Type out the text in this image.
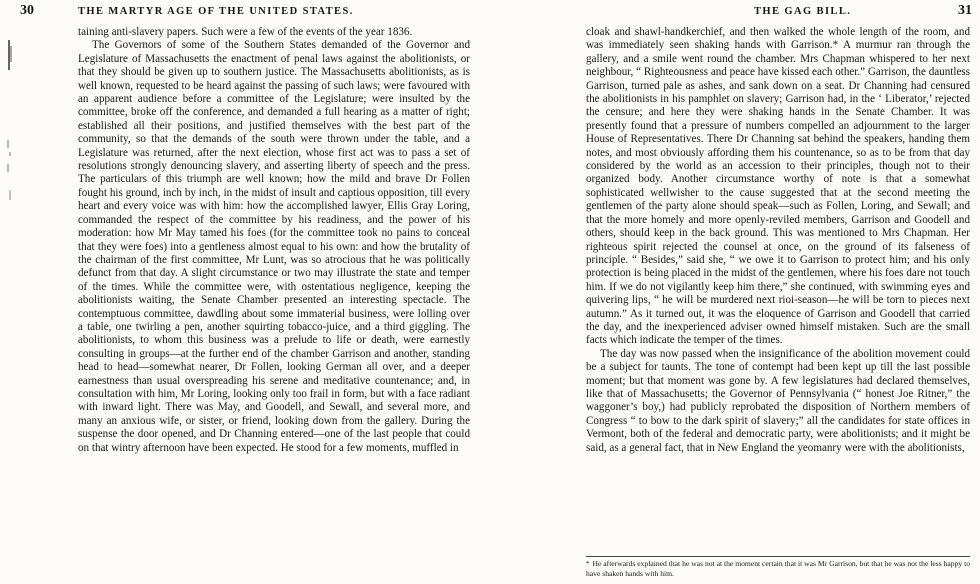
30	THE MARTYR AGE OF THE UNITED STATES.

taining anti-slavery papers. Such were a few of the events of the year 1836.

The Governors of some of the Southern States demanded of the Governor and Legislature of Massachusetts the enactment of penal laws against the abolitionists, or that they should be given up to southern justice. The Massachusetts abolitionists, as is well known, requested to be heard against the passing of such laws; were favoured with an apparent audience before a committee of the Legislature; were insulted by the committee, broke off the conference, and demanded a full hearing as a matter of right; established all their positions, and justified themselves with the best part of the community, so that the demands of the south were thrown under the table, and a Legislature was returned, after the next election, whose first act was to pass a set of resolutions strongly denouncing slavery, and asserting liberty of speech and the press. The particulars of this triumph are well known; how the mild and brave Dr Follen fought his ground, inch by inch, in the midst of insult and captious opposition, till every heart and every voice was with him: how the accomplished lawyer, Ellis Gray Loring, commanded the respect of the committee by his readiness, and the power of his moderation: how Mr May tamed his foes (for the committee took no pains to conceal that they were foes) into a gentleness almost equal to his own: and how the brutality of the chairman of the first committee, Mr Lunt, was so atrocious that he was politically defunct from that day. A slight circumstance or two may illustrate the state and temper of the times. While the committee were, with ostentatious negligence, keeping the abolitionists waiting, the Senate Chamber presented an interesting spectacle. The contemptuous committee, dawdling about some immaterial business, were lolling over a table, one twirling a pen, another squirting tobacco-juice, and a third giggling. The abolitionists, to whom this business was a prelude to life or death, were earnestly consulting in groups—at the further end of the chamber Garrison and another, standing head to head—somewhat nearer, Dr Follen, looking German all over, and a deeper earnestness than usual overspreading his serene and meditative countenance; and, in consultation with him, Mr Loring, looking only too frail in form, but with a face radiant with inward light. There was May, and Goodell, and Sewall, and several more, and many an anxious wife, or sister, or friend, looking down from the gallery. During the suspense the door opened, and Dr Channing entered—one of the last people that could on that wintry afternoon have been expected. He stood for a few moments, muffled in

THE GAG BILL.	31

cloak and shawl-handkerchief, and then walked the whole length of the room, and was immediately seen shaking hands with Garrison.* A murmur ran through the gallery, and a smile went round the chamber. Mrs Chapman whispered to her next neighbour, “ Righteousness and peace have kissed each other.” Garrison, the dauntless Garrison, turned pale as ashes, and sank down on a seat. Dr Channing had censured the abolitionists in his pamphlet on slavery; Garrison had, in the ‘ Liberator,’ rejected the censure; and here they were shaking hands in the Senate Chamber. It was presently found that a pressure of numbers compelled an adjournment to the larger House of Representatives. There Dr Channing sat behind the speakers, handing them notes, and most obviously affording them his countenance, so as to be from that day considered by the world as an accession to their principles, though not to their organized body. Another circumstance worthy of note is that a somewhat sophisticated wellwisher to the cause suggested that at the second meeting the gentlemen of the party alone should speak—such as Follen, Loring, and Sewall; and that the more homely and more openly-reviled members, Garrison and Goodell and others, should keep in the back ground. This was mentioned to Mrs Chapman. Her righteous spirit rejected the counsel at once, on the ground of its falseness of principle. “ Besides,” said she, “ we owe it to Garrison to protect him; and his only protection is being placed in the midst of the gentlemen, where his foes dare not touch him. If we do not vigilantly keep him there,” she continued, with swimming eyes and quivering lips, “ he will be murdered next rioi-season—he will be torn to pieces next autumn.” As it turned out, it was the eloquence of Garrison and Goodell that carried the day, and the inexperienced adviser owned himself mistaken. Such are the small facts which indicate the temper of the times.

The day was now passed when the insignificance of the abolition movement could be a subject for taunts. The tone of contempt had been kept up till the last possible moment; but that moment was gone by. A few legislatures had declared themselves, like that of Massachusetts; the Governor of Pennsylvania (“ honest Joe Ritner,” the waggoner’s boy,) had publicly reprobated the disposition of Northern members of Congress “ to bow to the dark spirit of slavery;” all the candidates for state offices in Vermont, both of the federal and democratic party, were abolitionists; and it might be said, as a general fact, that in New England the yeomanry were with the abolitionists,

* He afterwards explained that he was not at the moment certain that it was Mr Garrison, but that he was not the less happy to have shaken hands with him.
